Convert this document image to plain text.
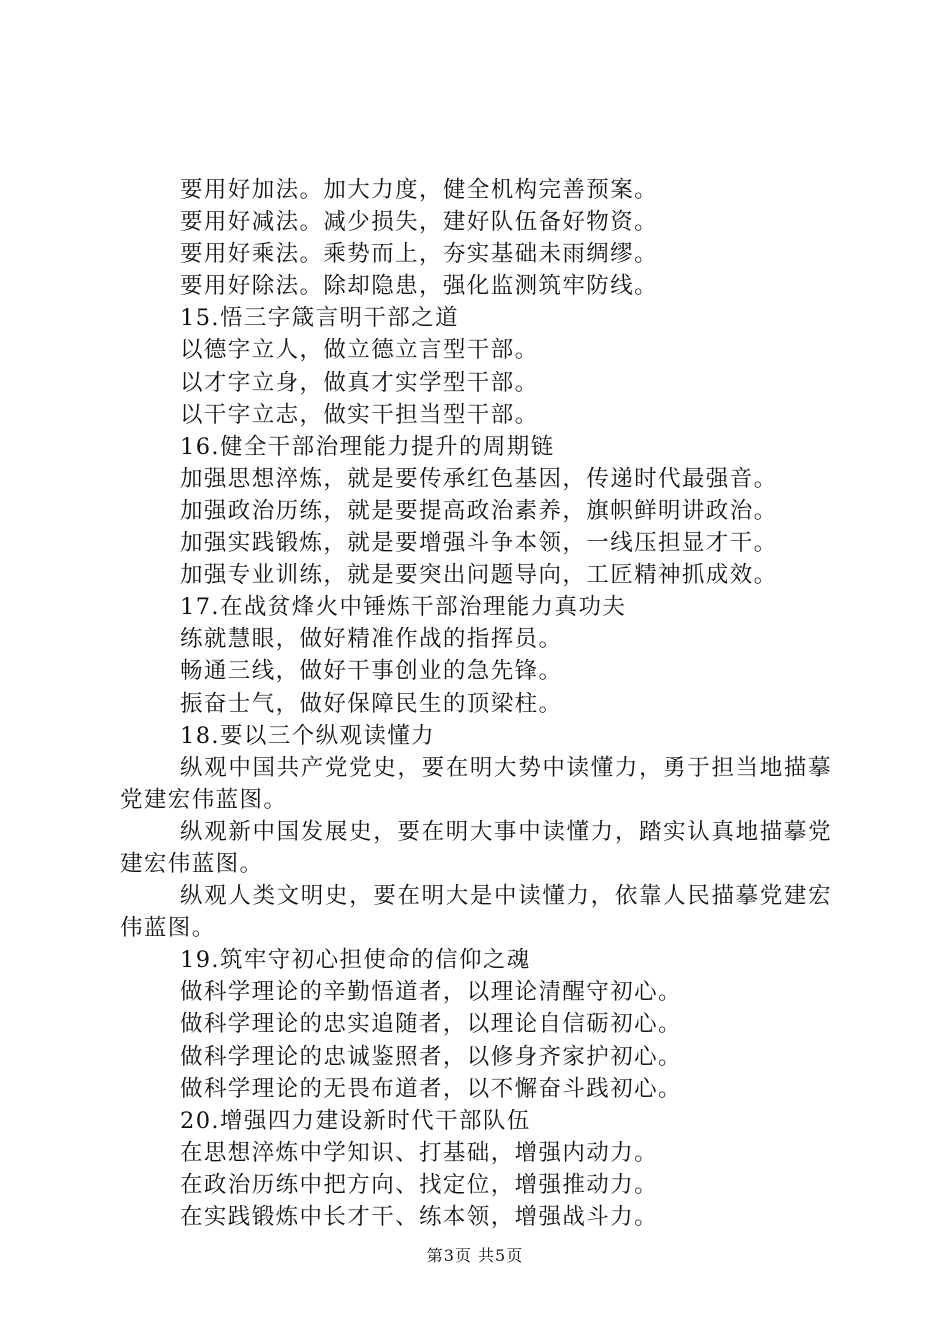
要用好加法。加大力度，健全机构完善预案。
要用好减法。减少损失，建好队伍备好物资。
要用好乘法。乘势而上，夯实基础未雨绸缪。
要用好除法。除却隐患，强化监测筑牢防线。
15.悟三字箴言明干部之道
以德字立人，做立德立言型干部。
以才字立身，做真才实学型干部。
以干字立志，做实干担当型干部。
16.健全干部治理能力提升的周期链
加强思想淬炼，就是要传承红色基因，传递时代最强音。
加强政治历练，就是要提高政治素养，旗帜鲜明讲政治。
加强实践锻炼，就是要增强斗争本领，一线压担显才干。
加强专业训练，就是要突出问题导向，工匠精神抓成效。
17.在战贫烽火中锤炼干部治理能力真功夫
练就慧眼，做好精准作战的指挥员。
畅通三线，做好干事创业的急先锋。
振奋士气，做好保障民生的顶梁柱。
18.要以三个纵观读懂力
纵观中国共产党党史，要在明大势中读懂力，勇于担当地描摹党建宏伟蓝图。
纵观新中国发展史，要在明大事中读懂力，踏实认真地描摹党建宏伟蓝图。
纵观人类文明史，要在明大是中读懂力，依靠人民描摹党建宏伟蓝图。
19.筑牢守初心担使命的信仰之魂
做科学理论的辛勤悟道者，以理论清醒守初心。
做科学理论的忠实追随者，以理论自信砺初心。
做科学理论的忠诚鉴照者，以修身齐家护初心。
做科学理论的无畏布道者，以不懈奋斗践初心。
20.增强四力建设新时代干部队伍
在思想淬炼中学知识、打基础，增强内动力。
在政治历练中把方向、找定位，增强推动力。
在实践锻炼中长才干、练本领，增强战斗力。
第3页 共5页
